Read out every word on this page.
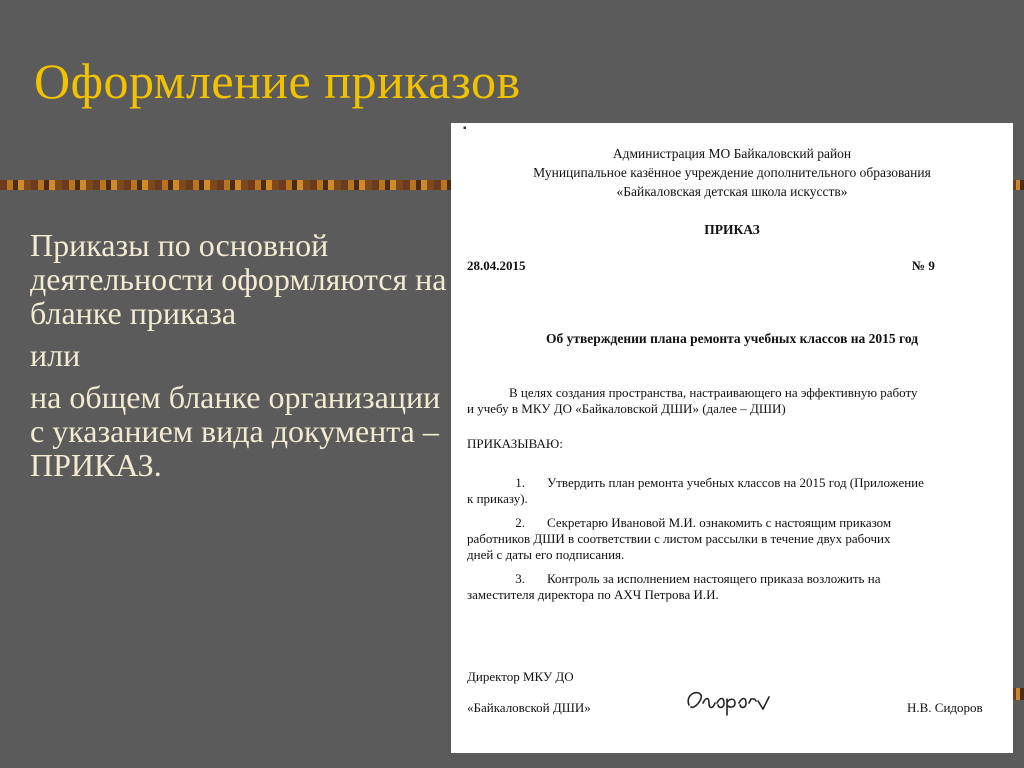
Оформление приказов

Приказы по основной деятельности оформляются на бланке приказа

или

на общем бланке организации с указанием вида документа – ПРИКАЗ.

▪
Администрация МО Байкаловский район
Муниципальное казённое учреждение дополнительного образования
«Байкаловская детская школа искусств»
ПРИКАЗ
28.04.2015	№ 9
Об утверждении плана ремонта учебных классов на 2015 год
В целях создания пространства, настраивающего на эффективную работу
и учебу в МКУ ДО «Байкаловской ДШИ» (далее – ДШИ)
ПРИКАЗЫВАЮ:
1. Утвердить план ремонта учебных классов на 2015 год (Приложение
к приказу).
2. Секретарю Ивановой М.И. ознакомить с настоящим приказом
работников ДШИ в соответствии с листом рассылки в течение двух рабочих
дней с даты его подписания.
3. Контроль за исполнением настоящего приказа возложить на
заместителя директора по АХЧ Петрова И.И.
Директор МКУ ДО
«Байкаловской ДШИ»	Н.В. Сидоров
